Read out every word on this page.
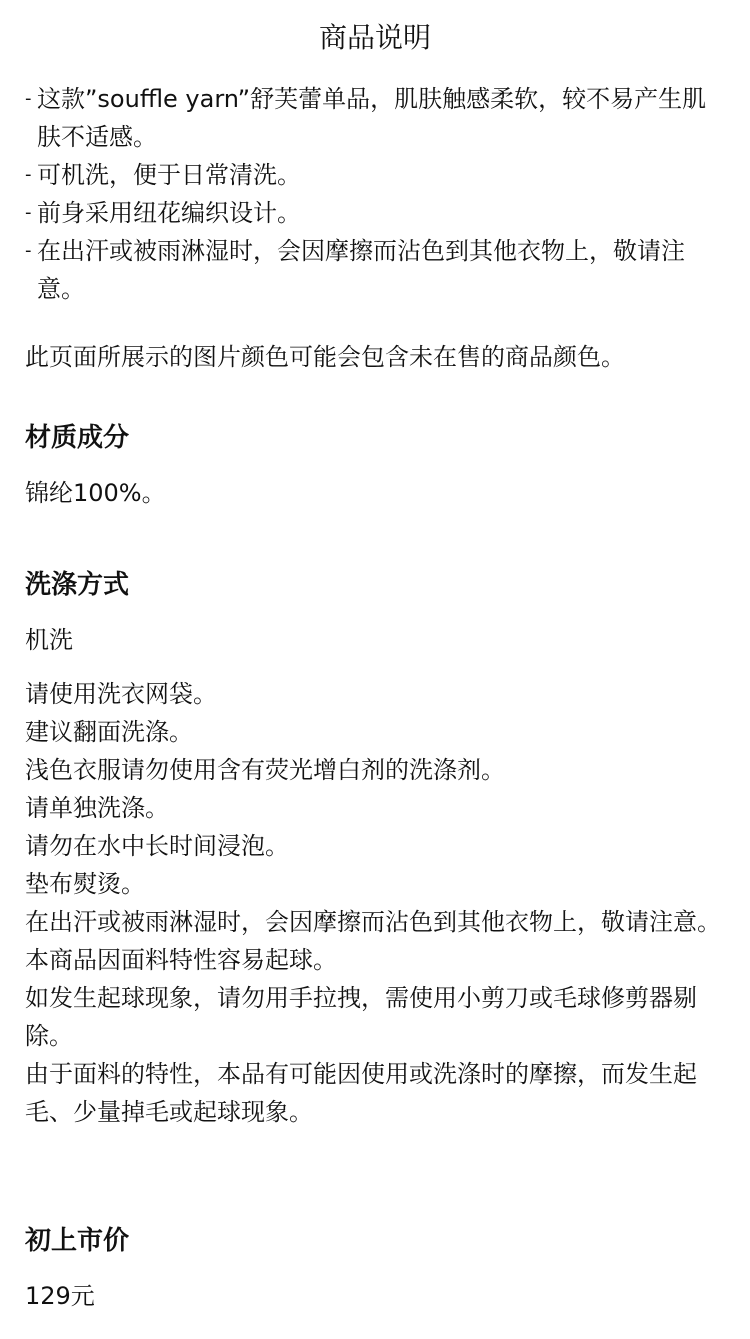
商品说明
- 这款”souffle yarn”舒芙蕾单品，肌肤触感柔软，较不易产生肌肤不适感。
- 可机洗，便于日常清洗。
- 前身采用纽花编织设计。
- 在出汗或被雨淋湿时，会因摩擦而沾色到其他衣物上，敬请注意。

此页面所展示的图片颜色可能会包含未在售的商品颜色。

材质成分

锦纶100%。

洗涤方式

机洗

请使用洗衣网袋。
建议翻面洗涤。
浅色衣服请勿使用含有荧光增白剂的洗涤剂。
请单独洗涤。
请勿在水中长时间浸泡。
垫布熨烫。
在出汗或被雨淋湿时，会因摩擦而沾色到其他衣物上，敬请注意。
本商品因面料特性容易起球。
如发生起球现象，请勿用手拉拽，需使用小剪刀或毛球修剪器剔除。
由于面料的特性，本品有可能因使用或洗涤时的摩擦，而发生起毛、少量掉毛或起球现象。
初上市价

129元
